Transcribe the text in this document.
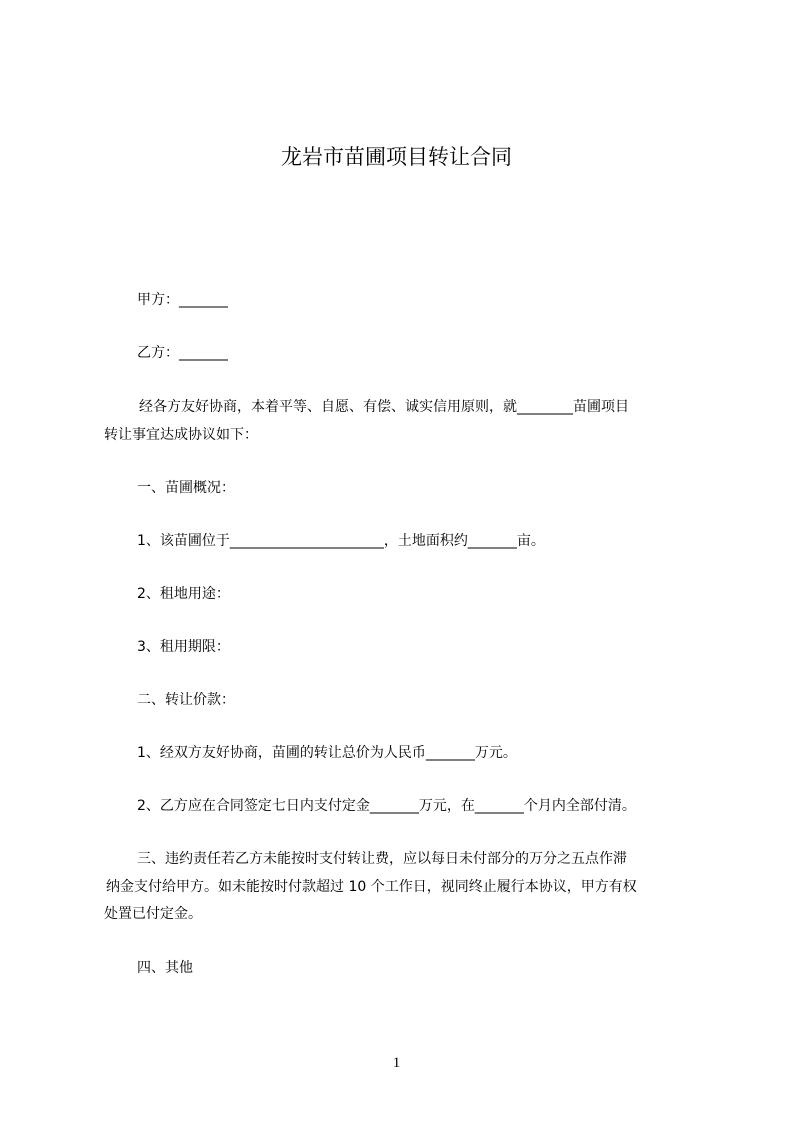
龙岩市苗圃项目转让合同
甲方：_______
乙方：_______
经各方友好协商，本着平等、自愿、有偿、诚实信用原则，就________苗圃项目
转让事宜达成协议如下：
一、苗圃概况：
1、该苗圃位于______________________，土地面积约_______亩。
2、租地用途：
3、租用期限：
二、转让价款：
1、经双方友好协商，苗圃的转让总价为人民币_______万元。
2、乙方应在合同签定七日内支付定金_______万元，在_______个月内全部付清。
三、违约责任若乙方未能按时支付转让费，应以每日未付部分的万分之五点作滞
纳金支付给甲方。如未能按时付款超过 10 个工作日，视同终止履行本协议，甲方有权
处置已付定金。
四、其他
1
